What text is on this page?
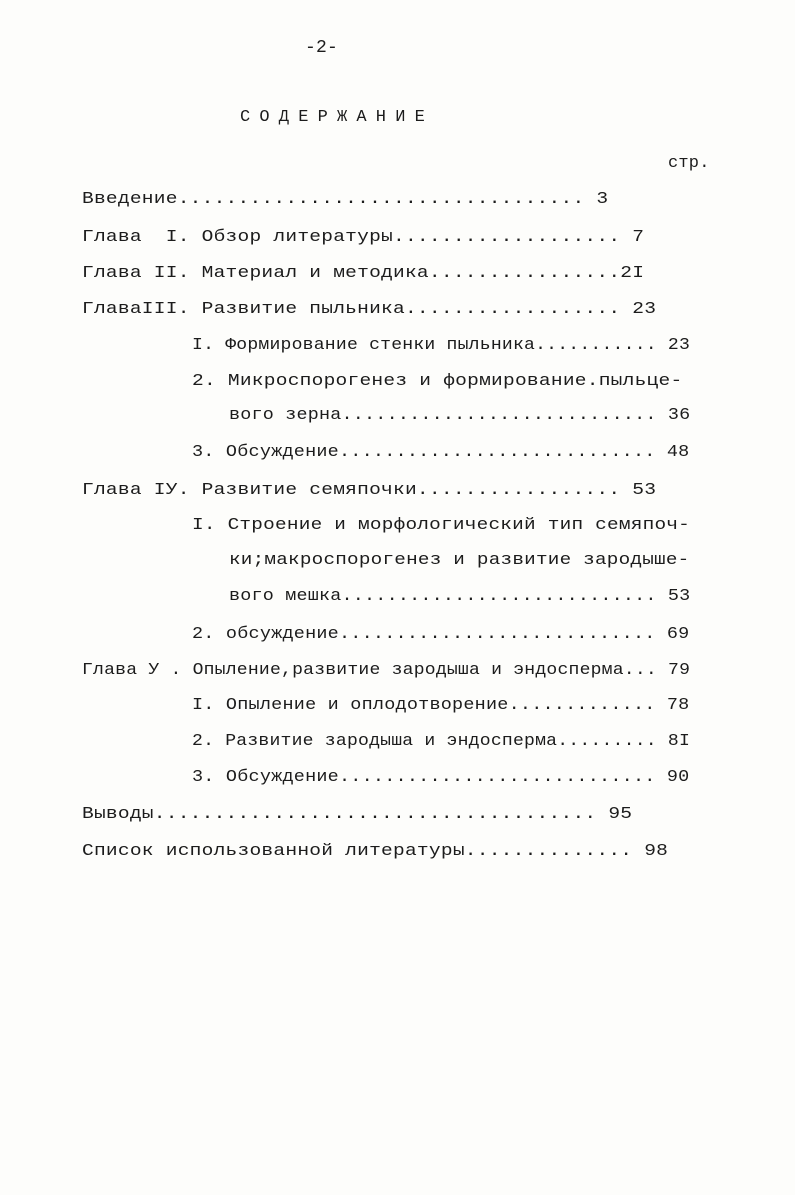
-2-
СОДЕРЖАНИЕ
стр.
Введение.................................. 3
Глава  I. Обзор литературы................... 7
Глава II. Материал и методика................2I
ГлаваIII. Развитие пыльника.................. 23
I. Формирование стенки пыльника........... 23
2. Микроспорогенез и формирование.пыльце-
вого зерна............................ 36
3. Обсуждение............................ 48
Глава IУ. Развитие семяпочки................. 53
I. Строение и морфологический тип семяпоч-
ки;макроспорогенез и развитие зародыше-
вого мешка............................ 53
2. обсуждение............................ 69
Глава У . Опыление,развитие зародыша и эндосперма... 79
I. Опыление и оплодотворение............. 78
2. Развитие зародыша и эндосперма......... 8I
3. Обсуждение............................ 90
Выводы..................................... 95
Список использованной литературы.............. 98
